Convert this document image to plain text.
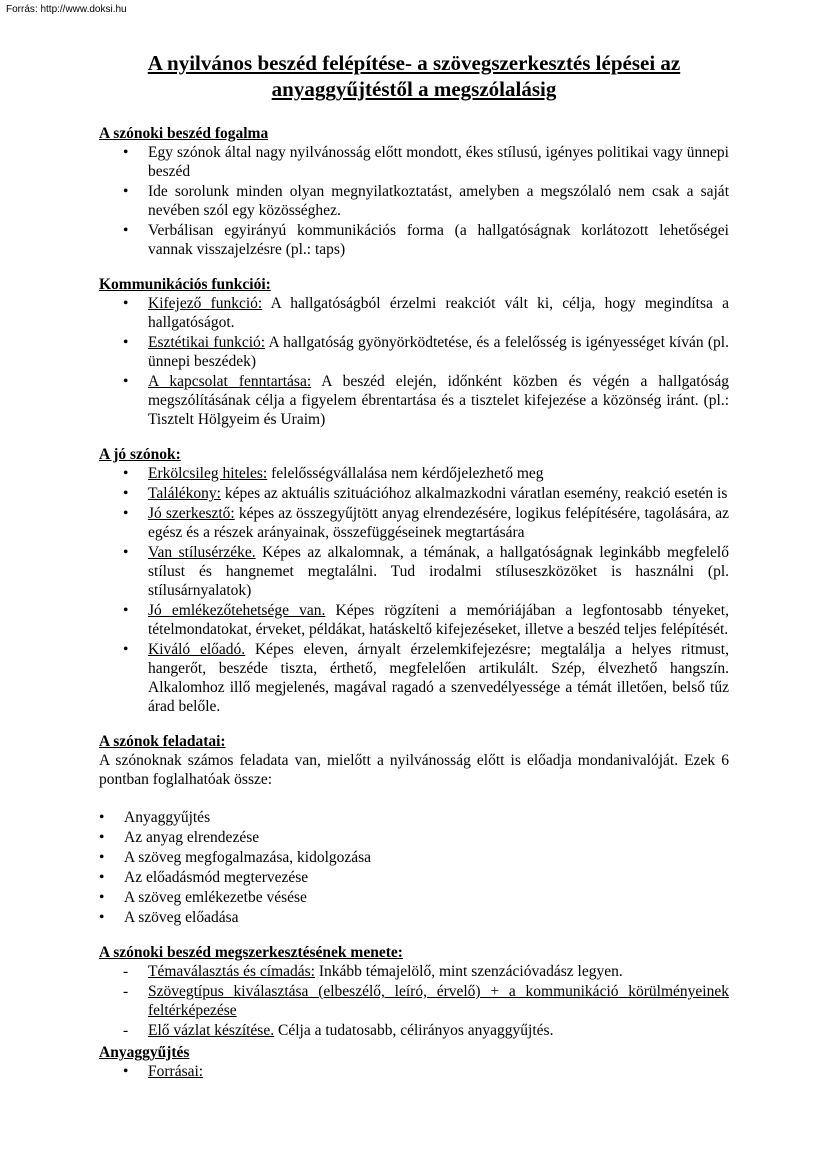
Forrás: http://www.doksi.hu
A nyilvános beszéd felépítése- a szövegszerkesztés lépései az
anyaggyűjtéstől a megszólalásig
A szónoki beszéd fogalma
• Egy szónok által nagy nyilvánosság előtt mondott, ékes stílusú, igényes politikai vagy ünnepi beszéd
• Ide sorolunk minden olyan megnyilatkoztatást, amelyben a megszólaló nem csak a saját nevében szól egy közösséghez.
• Verbálisan egyirányú kommunikációs forma (a hallgatóságnak korlátozott lehetőségei vannak visszajelzésre (pl.: taps)
Kommunikációs funkciói:
• Kifejező funkció: A hallgatóságból érzelmi reakciót vált ki, célja, hogy megindítsa a hallgatóságot.
• Esztétikai funkció: A hallgatóság gyönyörködtetése, és a felelősség is igényességet kíván (pl. ünnepi beszédek)
• A kapcsolat fenntartása: A beszéd elején, időnként közben és végén a hallgatóság megszólításának célja a figyelem ébrentartása és a tisztelet kifejezése a közönség iránt. (pl.: Tisztelt Hölgyeim és Uraim)
A jó szónok:
• Erkölcsileg hiteles: felelősségvállalása nem kérdőjelezhető meg
• Találékony: képes az aktuális szituációhoz alkalmazkodni váratlan esemény, reakció esetén is
• Jó szerkesztő: képes az összegyűjtött anyag elrendezésére, logikus felépítésére, tagolására, az egész és a részek arányainak, összefüggéseinek megtartására
• Van stílusérzéke. Képes az alkalomnak, a témának, a hallgatóságnak leginkább megfelelő stílust és hangnemet megtalálni. Tud irodalmi stíluseszközöket is használni (pl. stílusárnyalatok)
• Jó emlékezőtehetsége van. Képes rögzíteni a memóriájában a legfontosabb tényeket, tételmondatokat, érveket, példákat, hatáskeltő kifejezéseket, illetve a beszéd teljes felépítését.
• Kiváló előadó. Képes eleven, árnyalt érzelemkifejezésre; megtalálja a helyes ritmust, hangerőt, beszéde tiszta, érthető, megfelelően artikulált. Szép, élvezhető hangszín. Alkalomhoz illő megjelenés, magával ragadó a szenvedélyessége a témát illetően, belső tűz árad belőle.
A szónok feladatai:

A szónoknak számos feladata van, mielőtt a nyilvánosság előtt is előadja mondanivalóját. Ezek 6 pontban foglalhatóak össze:

• Anyaggyűjtés
• Az anyag elrendezése
• A szöveg megfogalmazása, kidolgozása
• Az előadásmód megtervezése
• A szöveg emlékezetbe vésése
• A szöveg előadása
A szónoki beszéd megszerkesztésének menete:
- Témaválasztás és címadás: Inkább témajelölő, mint szenzációvadász legyen.
- Szövegtípus kiválasztása (elbeszélő, leíró, érvelő) + a kommunikáció körülményeinek feltérképezése
- Elő vázlat készítése. Célja a tudatosabb, célirányos anyaggyűjtés.
Anyaggyűjtés
• Forrásai:
